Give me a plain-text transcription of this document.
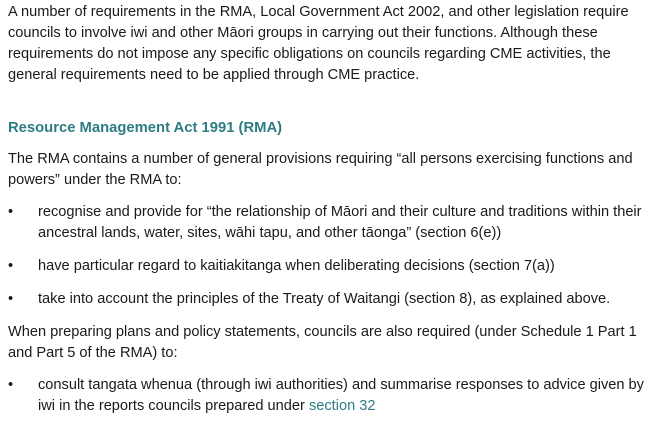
A number of requirements in the RMA, Local Government Act 2002, and other legislation require councils to involve iwi and other Māori groups in carrying out their functions. Although these requirements do not impose any specific obligations on councils regarding CME activities, the general requirements need to be applied through CME practice.

Resource Management Act 1991 (RMA)

The RMA contains a number of general provisions requiring “all persons exercising functions and powers” under the RMA to:

• recognise and provide for “the relationship of Māori and their culture and traditions within their ancestral lands, water, sites, wāhi tapu, and other tāonga” (section 6(e))
• have particular regard to kaitiakitanga when deliberating decisions (section 7(a))
• take into account the principles of the Treaty of Waitangi (section 8), as explained above.

When preparing plans and policy statements, councils are also required (under Schedule 1 Part 1 and Part 5 of the RMA) to:

• consult tangata whenua (through iwi authorities) and summarise responses to advice given by iwi in the reports councils prepared under section 32
